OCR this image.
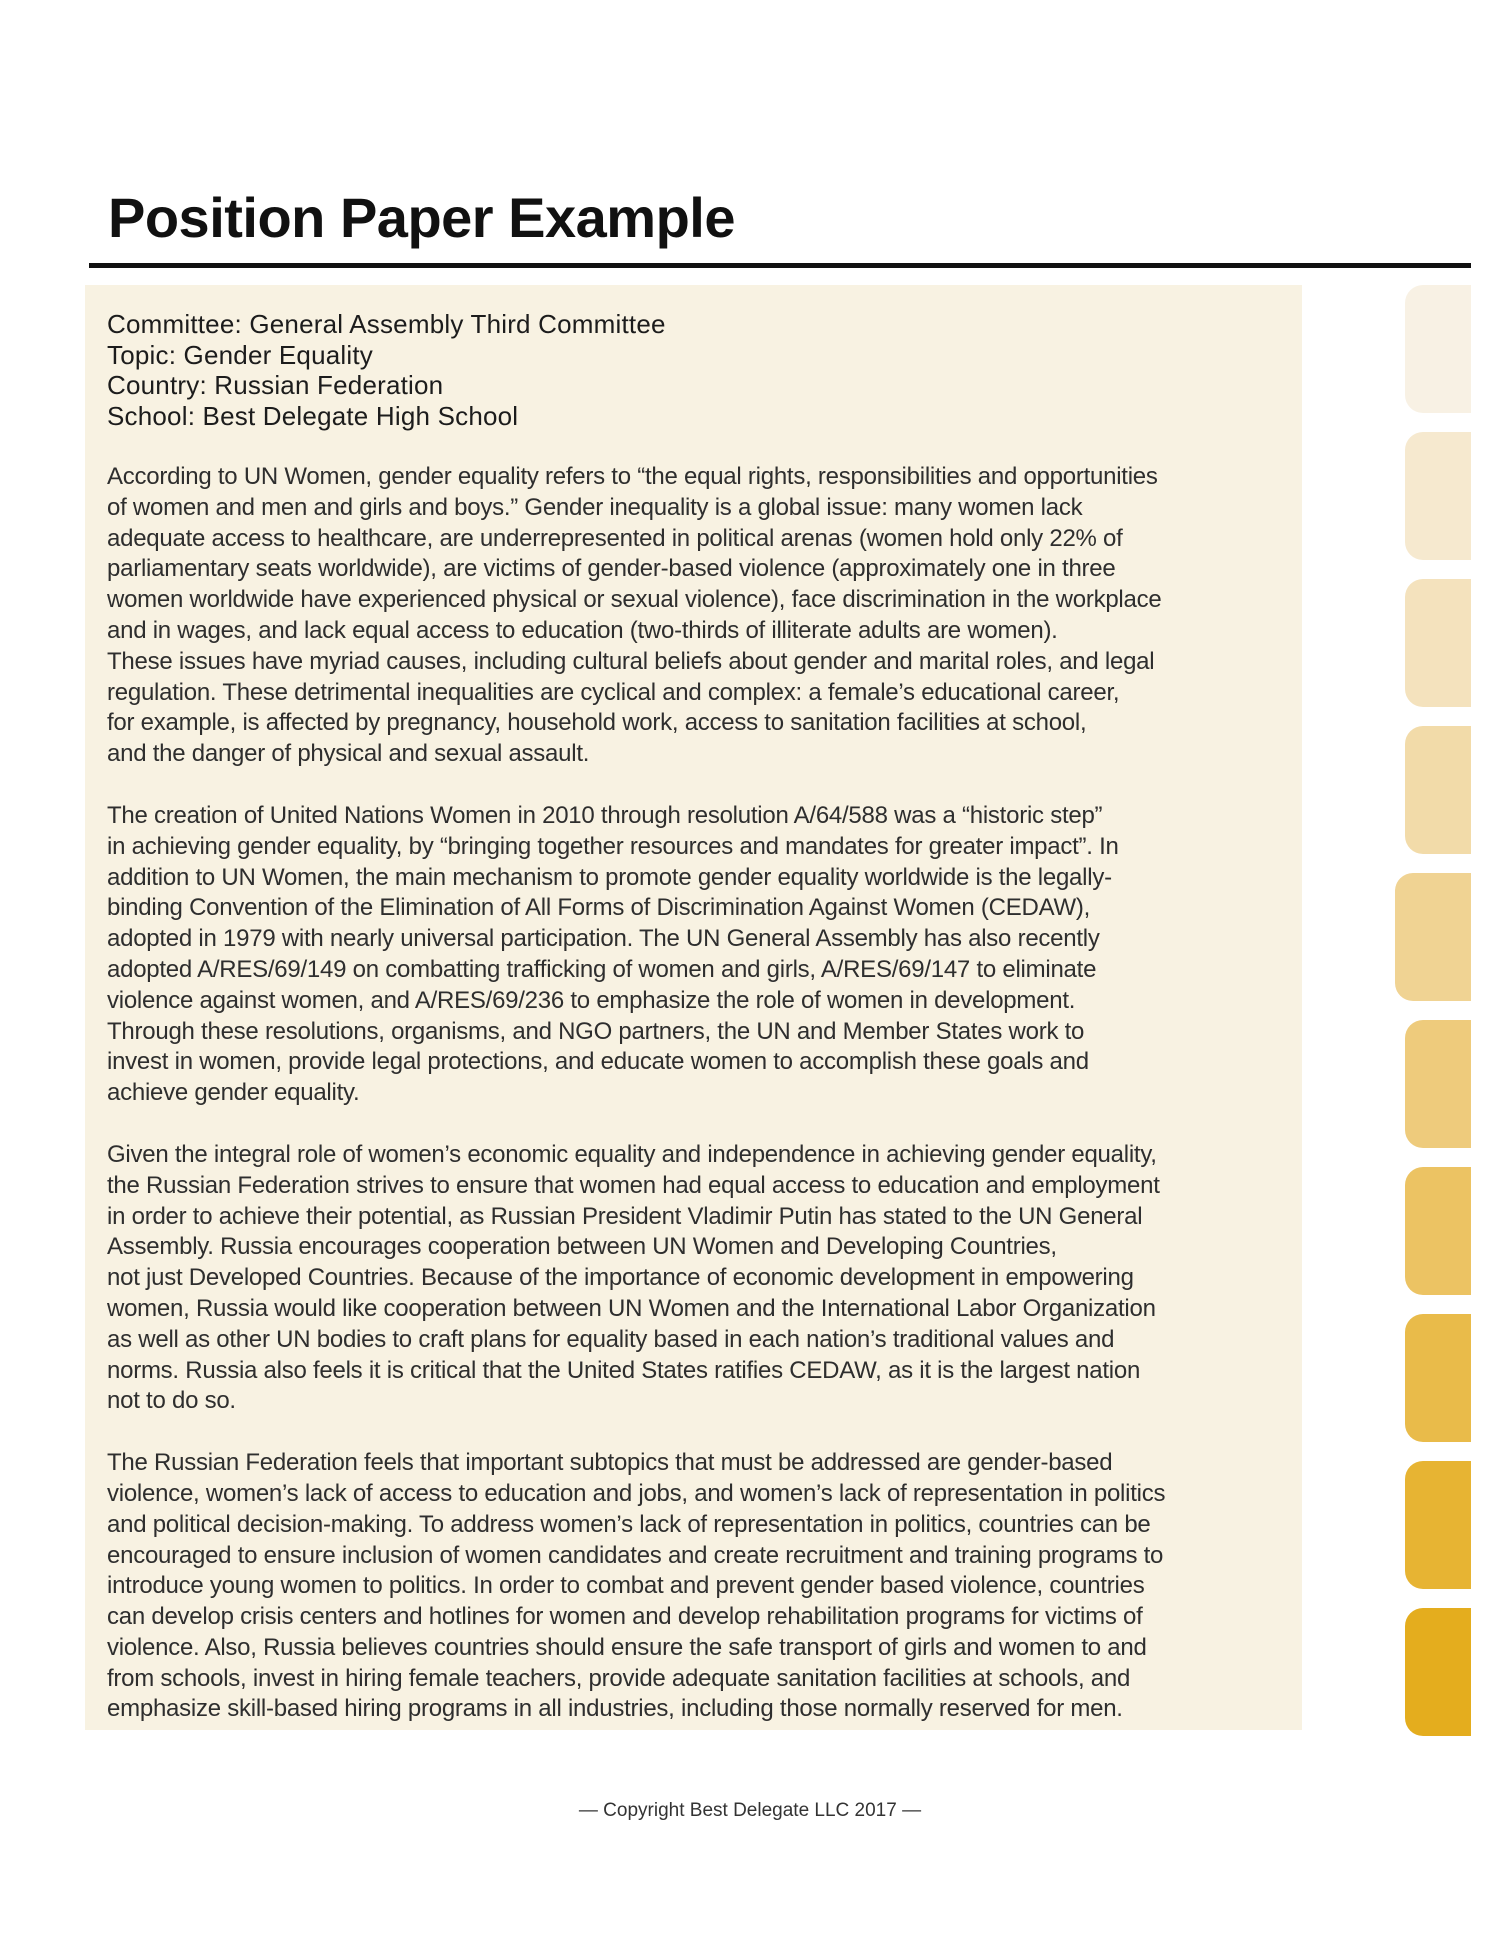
Position Paper Example
Committee: General Assembly Third Committee
Topic: Gender Equality
Country: Russian Federation
School: Best Delegate High School
According to UN Women, gender equality refers to “the equal rights, responsibilities and opportunities
of women and men and girls and boys.” Gender inequality is a global issue: many women lack
adequate access to healthcare, are underrepresented in political arenas (women hold only 22% of
parliamentary seats worldwide), are victims of gender-based violence (approximately one in three
women worldwide have experienced physical or sexual violence), face discrimination in the workplace
and in wages, and lack equal access to education (two-thirds of illiterate adults are women).
These issues have myriad causes, including cultural beliefs about gender and marital roles, and legal
regulation. These detrimental inequalities are cyclical and complex: a female’s educational career,
for example, is affected by pregnancy, household work, access to sanitation facilities at school,
and the danger of physical and sexual assault.
The creation of United Nations Women in 2010 through resolution A/64/588 was a “historic step”
in achieving gender equality, by “bringing together resources and mandates for greater impact”. In
addition to UN Women, the main mechanism to promote gender equality worldwide is the legally-
binding Convention of the Elimination of All Forms of Discrimination Against Women (CEDAW),
adopted in 1979 with nearly universal participation. The UN General Assembly has also recently
adopted A/RES/69/149 on combatting trafficking of women and girls, A/RES/69/147 to eliminate
violence against women, and A/RES/69/236 to emphasize the role of women in development.
Through these resolutions, organisms, and NGO partners, the UN and Member States work to
invest in women, provide legal protections, and educate women to accomplish these goals and
achieve gender equality.
Given the integral role of women’s economic equality and independence in achieving gender equality,
the Russian Federation strives to ensure that women had equal access to education and employment
in order to achieve their potential, as Russian President Vladimir Putin has stated to the UN General
Assembly. Russia encourages cooperation between UN Women and Developing Countries,
not just Developed Countries. Because of the importance of economic development in empowering
women, Russia would like cooperation between UN Women and the International Labor Organization
as well as other UN bodies to craft plans for equality based in each nation’s traditional values and
norms. Russia also feels it is critical that the United States ratifies CEDAW, as it is the largest nation
not to do so.
The Russian Federation feels that important subtopics that must be addressed are gender-based
violence, women’s lack of access to education and jobs, and women’s lack of representation in politics
and political decision-making. To address women’s lack of representation in politics, countries can be
encouraged to ensure inclusion of women candidates and create recruitment and training programs to
introduce young women to politics. In order to combat and prevent gender based violence, countries
can develop crisis centers and hotlines for women and develop rehabilitation programs for victims of
violence. Also, Russia believes countries should ensure the safe transport of girls and women to and
from schools, invest in hiring female teachers, provide adequate sanitation facilities at schools, and
emphasize skill-based hiring programs in all industries, including those normally reserved for men.
— Copyright Best Delegate LLC 2017 —
